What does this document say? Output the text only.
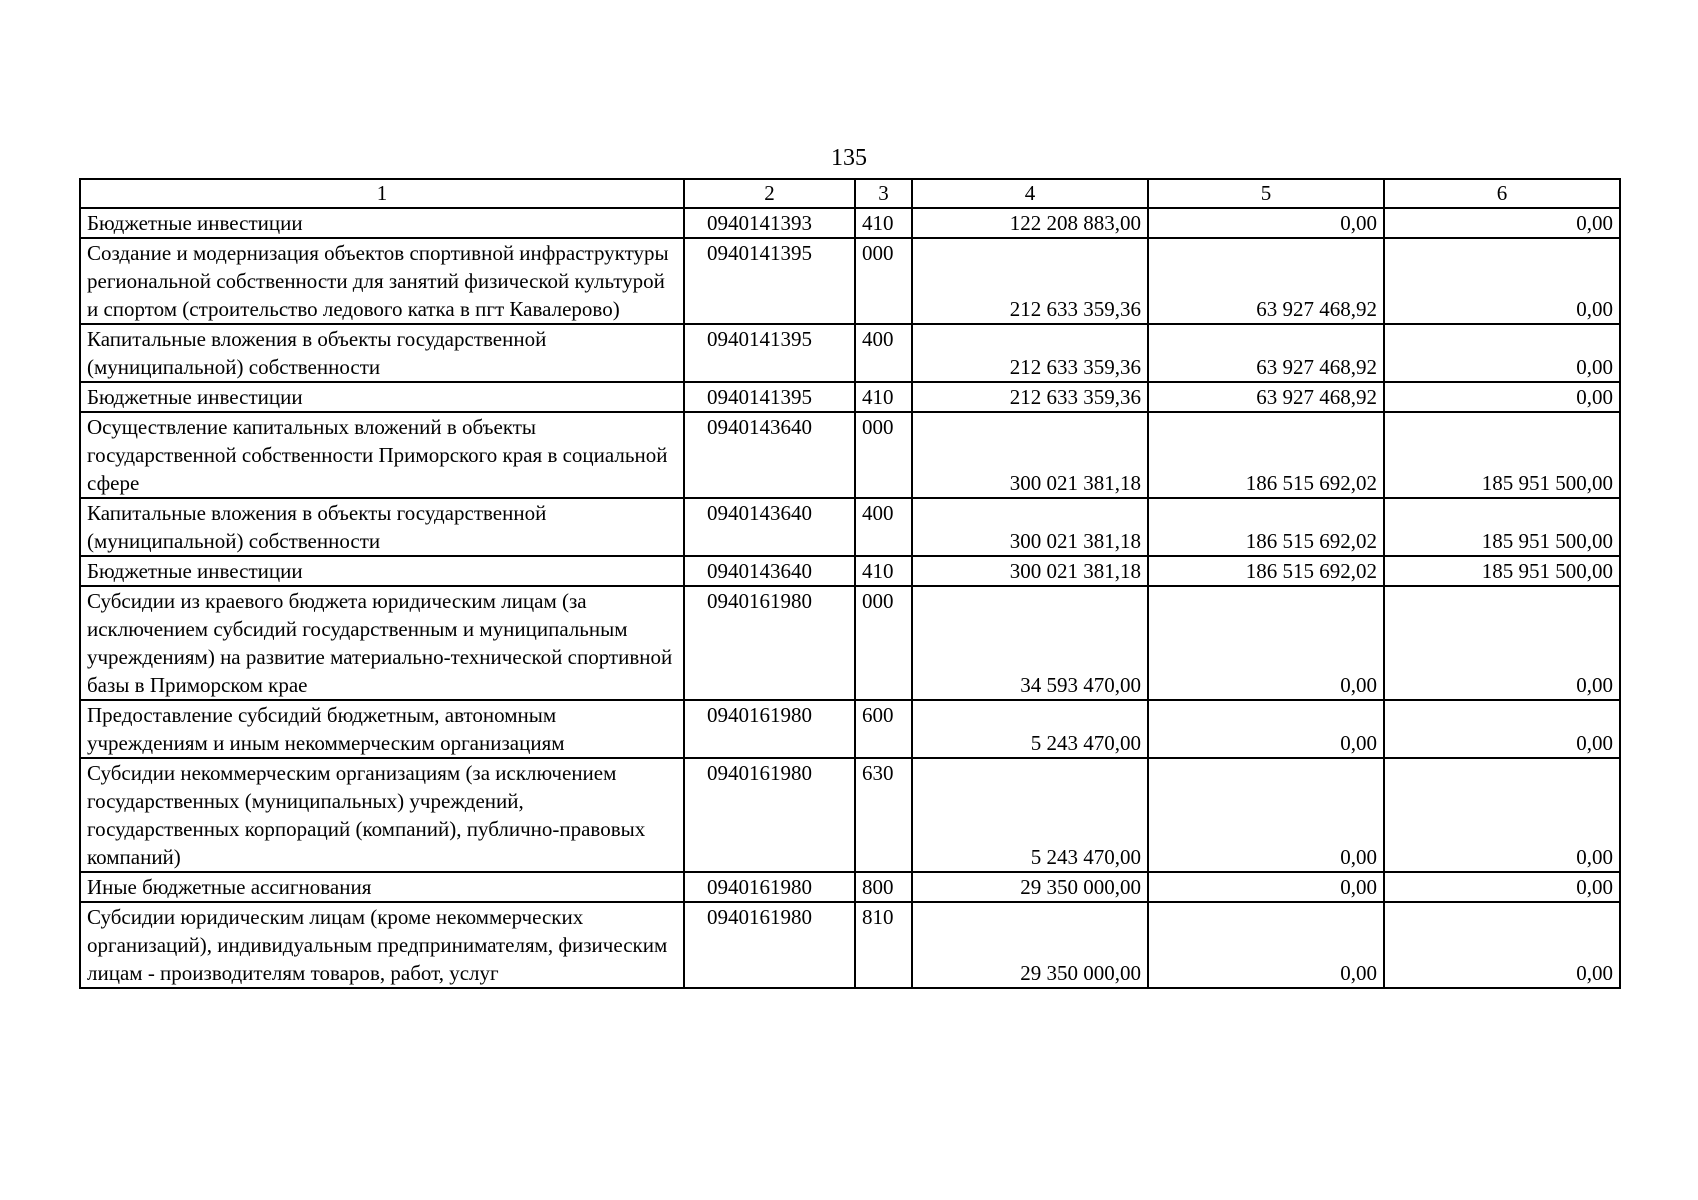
135
1	2	3	4	5	6
Бюджетные инвестиции	0940141393	410	122 208 883,00	0,00	0,00
Создание и модернизация объектов спортивной инфраструктуры региональной собственности для занятий физической культурой и спортом (строительство ледового катка в пгт Кавалерово)	0940141395	000	212 633 359,36	63 927 468,92	0,00
Капитальные вложения в объекты государственной (муниципальной) собственности	0940141395	400	212 633 359,36	63 927 468,92	0,00
Бюджетные инвестиции	0940141395	410	212 633 359,36	63 927 468,92	0,00
Осуществление капитальных вложений в объекты государственной собственности Приморского края в социальной сфере	0940143640	000	300 021 381,18	186 515 692,02	185 951 500,00
Капитальные вложения в объекты государственной (муниципальной) собственности	0940143640	400	300 021 381,18	186 515 692,02	185 951 500,00
Бюджетные инвестиции	0940143640	410	300 021 381,18	186 515 692,02	185 951 500,00
Субсидии из краевого бюджета юридическим лицам (за исключением субсидий государственным и муниципальным учреждениям) на развитие материально-технической спортивной базы в Приморском крае	0940161980	000	34 593 470,00	0,00	0,00
Предоставление субсидий бюджетным, автономным учреждениям и иным некоммерческим организациям	0940161980	600	5 243 470,00	0,00	0,00
Субсидии некоммерческим организациям (за исключением государственных (муниципальных) учреждений, государственных корпораций (компаний), публично-правовых компаний)	0940161980	630	5 243 470,00	0,00	0,00
Иные бюджетные ассигнования	0940161980	800	29 350 000,00	0,00	0,00
Субсидии юридическим лицам (кроме некоммерческих организаций), индивидуальным предпринимателям, физическим лицам - производителям товаров, работ, услуг	0940161980	810	29 350 000,00	0,00	0,00
